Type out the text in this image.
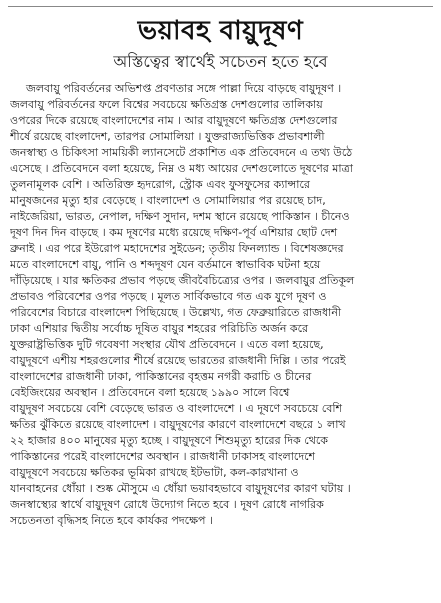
ভয়াবহ বায়ুদূষণ
অস্তিত্বের স্বার্থেই সচেতন হতে হবে
জলবায়ু পরিবর্তনের অভিশপ্ত প্রবণতার সঙ্গে পাল্লা দিয়ে বাড়ছে বায়ুদূষণ ।
জলবায়ু পরিবর্তনের ফলে বিশ্বের সবচেয়ে ক্ষতিগ্রস্ত দেশগুলোর তালিকায়
ওপরের দিকে রয়েছে বাংলাদেশের নাম । আর বায়ুদূষণে ক্ষতিগ্রস্ত দেশগুলোর
শীর্ষে রয়েছে বাংলাদেশ, তারপর সোমালিয়া । যুক্তরাজ্যভিত্তিক প্রভাবশালী
জনস্বাস্থ্য ও চিকিৎসা সাময়িকী ল্যানসেটে প্রকাশিত এক প্রতিবেদনে এ তথ্য উঠে
এসেছে । প্রতিবেদনে বলা হয়েছে, নিম্ন ও মধ্য আয়ের দেশগুলোতে দূষণের মাত্রা
তুলনামূলক বেশি । অতিরিক্ত হৃদরোগ, স্ট্রোক এবং ফুসফুসের ক্যান্সারে
মানুষজনের মৃত্যু হার বেড়েছে । বাংলাদেশ ও সোমালিয়ার পর রয়েছে চাদ,
নাইজেরিয়া, ভারত, নেপাল, দক্ষিণ সুদান, দশম স্থানে রয়েছে পাকিস্তান । চীনেও
দূষণ দিন দিন বাড়ছে । কম দূষণের মধ্যে রয়েছে দক্ষিণ-পূর্ব এশিয়ার ছোট দেশ
ব্রুনাই । এর পরে ইউরোপ মহাদেশের সুইডেন; তৃতীয় ফিনল্যান্ড । বিশেষজ্ঞদের
মতে বাংলাদেশে বায়ু, পানি ও শব্দদূষণ যেন বর্তমানে স্বাভাবিক ঘটনা হয়ে
দাঁড়িয়েছে । যার ক্ষতিকর প্রভাব পড়ছে জীববৈচিত্র্যের ওপর । জলবায়ুর প্রতিকূল
প্রভাবও পরিবেশের ওপর পড়ছে । মূলত সার্বিকভাবে গত এক যুগে দূষণ ও
পরিবেশের বিচারে বাংলাদেশ পিছিয়েছে । উল্লেখ্য, গত ফেব্রুয়ারিতে রাজধানী
ঢাকা এশিয়ার দ্বিতীয় সর্বোচ্চ দূষিত বায়ুর শহরের পরিচিতি অর্জন করে
যুক্তরাষ্ট্রভিত্তিক দুটি গবেষণা সংস্থার যৌথ প্রতিবেদনে । এতে বলা হয়েছে,
বায়ুদূষণে এশীয় শহরগুলোর শীর্ষে রয়েছে ভারতের রাজধানী দিল্লি । তার পরেই
বাংলাদেশের রাজধানী ঢাকা, পাকিস্তানের বৃহত্তম নগরী করাচি ও চীনের
বেইজিংয়ের অবস্থান । প্রতিবেদনে বলা হয়েছে ১৯৯০ সালে বিশ্বে
বায়ুদূষণ সবচেয়ে বেশি বেড়েছে ভারত ও বাংলাদেশে । এ দূষণে সবচেয়ে বেশি
ক্ষতির ঝুঁকিতে রয়েছে বাংলাদেশ । বায়ুদূষণের কারণে বাংলাদেশে বছরে ১ লাখ
২২ হাজার ৪০০ মানুষের মৃত্যু হচ্ছে । বায়ুদূষণে শিশুমৃত্যু হারের দিক থেকে
পাকিস্তানের পরেই বাংলাদেশের অবস্থান । রাজধানী ঢাকাসহ বাংলাদেশে
বায়ুদূষণে সবচেয়ে ক্ষতিকর ভূমিকা রাখছে ইটভাটা, কল-কারখানা ও
যানবাহনের ধোঁয়া । শুষ্ক মৌসুমে এ ধোঁয়া ভয়াবহভাবে বায়ুদূষণের কারণ ঘটায় ।
জনস্বাস্থ্যের স্বার্থে বায়ুদূষণ রোধে উদ্যোগ নিতে হবে । দূষণ রোধে নাগরিক
সচেতনতা বৃদ্ধিসহ নিতে হবে কার্যকর পদক্ষেপ ।
